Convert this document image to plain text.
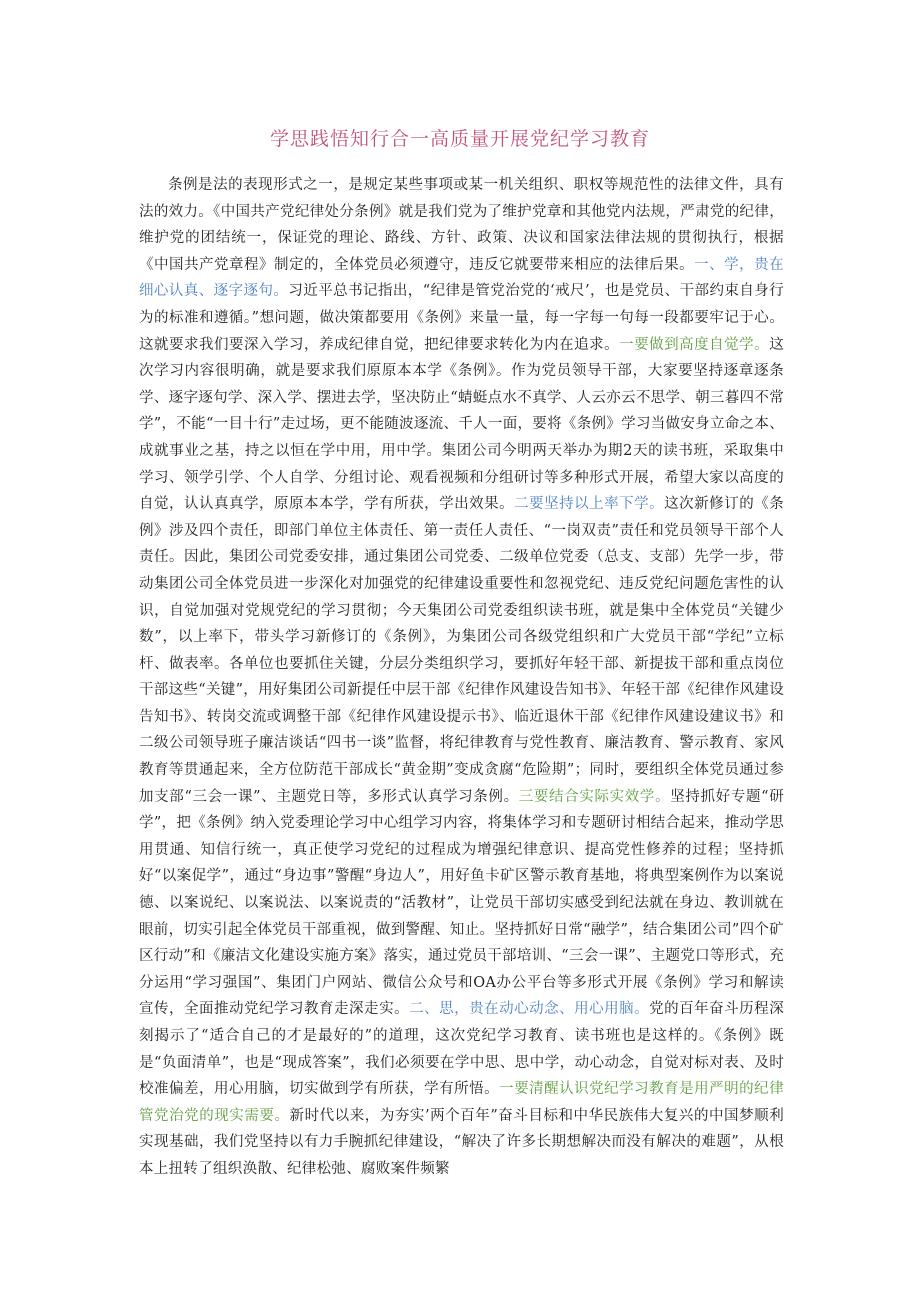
学思践悟知行合一高质量开展党纪学习教育

条例是法的表现形式之一，是规定某些事项或某一机关组织、职权等规范性的法律文件，具有法的效力。《中国共产党纪律处分条例》就是我们党为了维护党章和其他党内法规，严肃党的纪律，维护党的团结统一，保证党的理论、路线、方针、政策、决议和国家法律法规的贯彻执行，根据《中国共产党章程》制定的，全体党员必须遵守，违反它就要带来相应的法律后果。一、学，贵在细心认真、逐字逐句。习近平总书记指出，“纪律是管党治党的‘戒尺’，也是党员、干部约束自身行为的标准和遵循。”想问题，做决策都要用《条例》来量一量，每一字每一句每一段都要牢记于心。这就要求我们要深入学习，养成纪律自觉，把纪律要求转化为内在追求。一要做到高度自觉学。这次学习内容很明确，就是要求我们原原本本学《条例》。作为党员领导干部，大家要坚持逐章逐条学、逐字逐句学、深入学、摆进去学，坚决防止“蜻蜓点水不真学、人云亦云不思学、朝三暮四不常学”，不能“一目十行”走过场，更不能随波逐流、千人一面，要将《条例》学习当做安身立命之本、成就事业之基，持之以恒在学中用，用中学。集团公司今明两天举办为期2天的读书班，采取集中学习、领学引学、个人自学、分组讨论、观看视频和分组研讨等多种形式开展，希望大家以高度的自觉，认认真真学，原原本本学，学有所获，学出效果。二要坚持以上率下学。这次新修订的《条例》涉及四个责任，即部门单位主体责任、第一责任人责任、“一岗双责”责任和党员领导干部个人责任。因此，集团公司党委安排，通过集团公司党委、二级单位党委（总支、支部）先学一步，带动集团公司全体党员进一步深化对加强党的纪律建设重要性和忽视党纪、违反党纪问题危害性的认识，自觉加强对党规党纪的学习贯彻；今天集团公司党委组织读书班，就是集中全体党员“关键少数”，以上率下，带头学习新修订的《条例》，为集团公司各级党组织和广大党员干部“学纪”立标杆、做表率。各单位也要抓住关键，分层分类组织学习，要抓好年轻干部、新提拔干部和重点岗位干部这些“关键”，用好集团公司新提任中层干部《纪律作风建设告知书》、年轻干部《纪律作风建设告知书》、转岗交流或调整干部《纪律作风建设提示书》、临近退休干部《纪律作风建设建议书》和二级公司领导班子廉洁谈话“四书一谈”监督，将纪律教育与党性教育、廉洁教育、警示教育、家风教育等贯通起来，全方位防范干部成长“黄金期”变成贪腐“危险期”；同时，要组织全体党员通过参加支部“三会一课”、主题党日等，多形式认真学习条例。三要结合实际实效学。坚持抓好专题“研学”，把《条例》纳入党委理论学习中心组学习内容，将集体学习和专题研讨相结合起来，推动学思用贯通、知信行统一，真正使学习党纪的过程成为增强纪律意识、提高党性修养的过程；坚持抓好“以案促学”，通过“身边事”警醒“身边人”，用好鱼卡矿区警示教育基地，将典型案例作为以案说德、以案说纪、以案说法、以案说责的“活教材”，让党员干部切实感受到纪法就在身边、教训就在眼前，切实引起全体党员干部重视，做到警醒、知止。坚持抓好日常“融学”，结合集团公司”四个矿区行动”和《廉洁文化建设实施方案》落实，通过党员干部培训、“三会一课”、主题党口等形式，充分运用“学习强国”、集团门户网站、微信公众号和OA办公平台等多形式开展《条例》学习和解读宣传，全面推动党纪学习教育走深走实。二、思，贵在动心动念、用心用脑。党的百年奋斗历程深刻揭示了“适合自己的才是最好的”的道理，这次党纪学习教育、读书班也是这样的。《条例》既是“负面清单”，也是“现成答案”，我们必须要在学中思、思中学，动心动念，自觉对标对表、及时校准偏差，用心用脑，切实做到学有所获，学有所悟。一要清醒认识党纪学习教育是用严明的纪律管党治党的现实需要。新时代以来，为夯实’两个百年”奋斗目标和中华民族伟大复兴的中国梦顺利实现基础，我们党坚持以有力手腕抓纪律建设，“解决了许多长期想解决而没有解决的难题”，从根本上扭转了组织涣散、纪律松弛、腐败案件频繁
